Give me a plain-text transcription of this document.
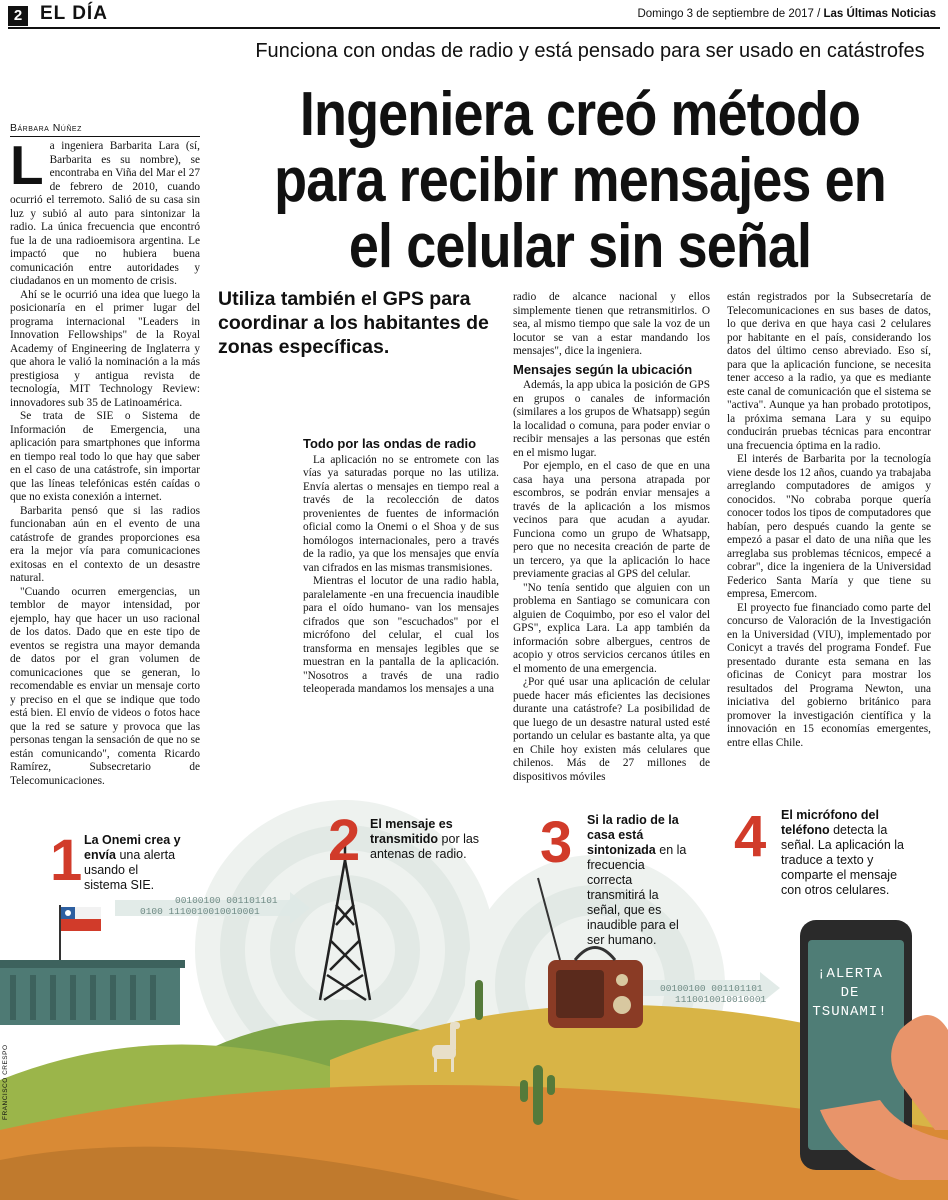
2 EL DÍA	Domingo 3 de septiembre de 2017 / Las Últimas Noticias
Funciona con ondas de radio y está pensado para ser usado en catástrofes
Ingeniera creó método para recibir mensajes en el celular sin señal
Bárbara Núñez
Utiliza también el GPS para coordinar a los habitantes de zonas específicas.
L a ingeniera Barbarita Lara (sí, Barbarita es su nombre), se encontraba en Viña del Mar el 27 de febrero de 2010, cuando ocurrió el terremoto. Salió de su casa sin luz y subió al auto para sintonizar la radio. La única frecuencia que encontró fue la de una radioemisora argentina. Le impactó que no hubiera buena comunicación entre autoridades y ciudadanos en un momento de crisis.

Ahí se le ocurrió una idea que luego la posicionaría en el primer lugar del programa internacional "Leaders in Innovation Fellowships" de la Royal Academy of Engineering de Inglaterra y que ahora le valió la nominación a la más prestigiosa y antigua revista de tecnología, MIT Technology Review: innovadores sub 35 de Latinoamérica.

Se trata de SIE o Sistema de Información de Emergencia, una aplicación para smartphones que informa en tiempo real todo lo que hay que saber en el caso de una catástrofe, sin importar que las líneas telefónicas estén caídas o que no exista conexión a internet.

Barbarita pensó que si las radios funcionaban aún en el evento de una catástrofe de grandes proporciones esa era la mejor vía para comunicaciones exitosas en el contexto de un desastre natural.

"Cuando ocurren emergencias, un temblor de mayor intensidad, por ejemplo, hay que hacer un uso racional de los datos. Dado que en este tipo de eventos se registra una mayor demanda de datos por el gran volumen de comunicaciones que se generan, lo recomendable es enviar un mensaje corto y preciso en el que se indique que todo está bien. El envío de videos o fotos hace que la red se sature y provoca que las personas tengan la sensación de que no se están comunicando", comenta Ricardo Ramírez, Subsecretario de Telecomunicaciones.

Todo por las ondas de radio

La aplicación no se entromete con las vías ya saturadas porque no las utiliza. Envía alertas o mensajes en tiempo real a través de la recolección de datos provenientes de fuentes de información oficial como la Onemi o el Shoa y de sus homólogos internacionales, pero a través de la radio, ya que los mensajes que envía van cifrados en las mismas transmisiones.

Mientras el locutor de una radio habla, paralelamente -en una frecuencia inaudible para el oído humano- van los mensajes cifrados que son "escuchados" por el micrófono del celular, el cual los transforma en mensajes legibles que se muestran en la pantalla de la aplicación. "Nosotros a través de una radio teleoperada mandamos los mensajes a una

radio de alcance nacional y ellos simplemente tienen que retransmitirlos. O sea, al mismo tiempo que sale la voz de un locutor se van a estar mandando los mensajes", dice la ingeniera.

Mensajes según la ubicación

Además, la app ubica la posición de GPS en grupos o canales de información (similares a los grupos de Whatsapp) según la localidad o comuna, para poder enviar o recibir mensajes a las personas que estén en el mismo lugar.

Por ejemplo, en el caso de que en una casa haya una persona atrapada por escombros, se podrán enviar mensajes a través de la aplicación a los mismos vecinos para que acudan a ayudar. Funciona como un grupo de Whatsapp, pero que no necesita creación de parte de un tercero, ya que la aplicación lo hace previamente gracias al GPS del celular.

"No tenía sentido que alguien con un problema en Santiago se comunicara con alguien de Coquimbo, por eso el valor del GPS", explica Lara. La app también da información sobre albergues, centros de acopio y otros servicios cercanos útiles en el momento de una emergencia.

¿Por qué usar una aplicación de celular puede hacer más eficientes las decisiones durante una catástrofe? La posibilidad de que luego de un desastre natural usted esté portando un celular es bastante alta, ya que en Chile hoy existen más celulares que chilenos. Más de 27 millones de dispositivos móviles

están registrados por la Subsecretaría de Telecomunicaciones en sus bases de datos, lo que deriva en que haya casi 2 celulares por habitante en el país, considerando los datos del último censo abreviado. Eso sí, para que la aplicación funcione, se necesita tener acceso a la radio, ya que es mediante este canal de comunicación que el sistema se "activa". Aunque ya han probado prototipos, la próxima semana Lara y su equipo conducirán pruebas técnicas para encontrar una frecuencia óptima en la radio.

El interés de Barbarita por la tecnología viene desde los 12 años, cuando ya trabajaba arreglando computadores de amigos y conocidos. "No cobraba porque quería conocer todos los tipos de computadores que habían, pero después cuando la gente se empezó a pasar el dato de una niña que les arreglaba sus problemas técnicos, empecé a cobrar", dice la ingeniera de la Universidad Federico Santa María y que tiene su empresa, Emercom.

El proyecto fue financiado como parte del concurso de Valoración de la Investigación en la Universidad (VIU), implementado por Conicyt a través del programa Fondef. Fue presentado durante esta semana en las oficinas de Conicyt para mostrar los resultados del Programa Newton, una iniciativa del gobierno británico para promover la investigación científica y la innovación en 15 economías emergentes, entre ellas Chile.

00100100 001101101
0100 1110010010010001
00100100 001101101
1110010010010001
1 La Onemi crea y envía una alerta usando el sistema SIE.
2 El mensaje es transmitido por las antenas de radio.	3 Si la radio de la casa está sintonizada en la frecuencia correcta transmitirá la señal, que es inaudible para el ser humano.
4 El micrófono del teléfono detecta la señal. La aplicación la traduce a texto y comparte el mensaje con otros celulares.
¡ALERTA DE TSUNAMI!
FRANCISCO CRESPO
